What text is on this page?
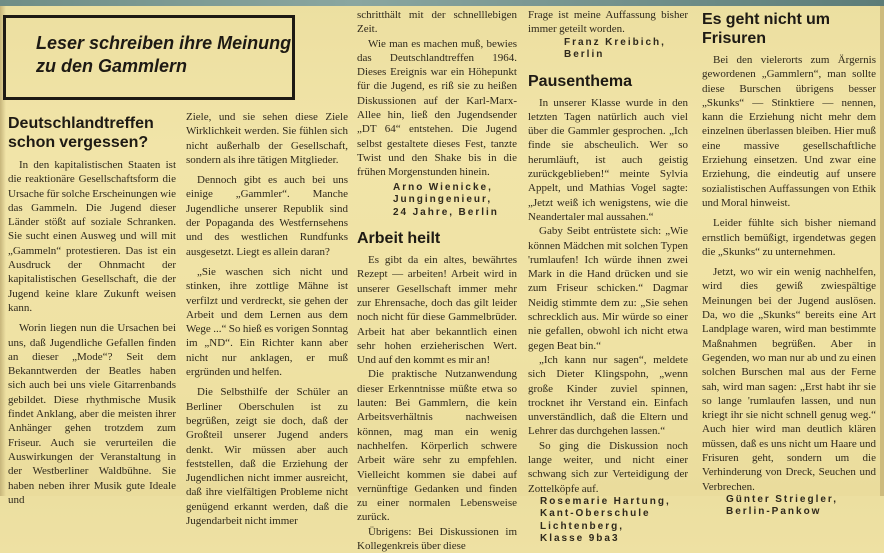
Leser schreiben ihre Meinung
zu den Gammlern
Deutschlandtreffen
schon vergessen?

In den kapitalistischen Staaten ist die reaktionäre Gesellschaftsform die Ursache für solche Erscheinungen wie das Gammeln. Die Jugend dieser Länder stößt auf soziale Schranken. Sie sucht einen Ausweg und will mit „Gammeln“ protestieren. Das ist ein Ausdruck der Ohnmacht der kapitalistischen Gesellschaft, die der Jugend keine klare Zukunft weisen kann.

Worin liegen nun die Ursachen bei uns, daß Jugendliche Gefallen finden an dieser „Mode“? Seit dem Bekanntwerden der Beatles haben sich auch bei uns viele Gitarrenbands gebildet. Diese rhythmische Musik findet Anklang, aber die meisten ihrer Anhänger gehen trotzdem zum Friseur. Auch sie verurteilen die Auswirkungen der Veranstaltung in der Westberliner Waldbühne. Sie haben neben ihrer Musik gute Ideale und

Ziele, und sie sehen diese Ziele Wirklichkeit werden. Sie fühlen sich nicht außerhalb der Gesellschaft, sondern als ihre tätigen Mitglieder.

Dennoch gibt es auch bei uns einige „Gammler“. Manche Jugendliche unserer Republik sind der Popaganda des Westfernsehens und des westlichen Rundfunks ausgesetzt. Liegt es allein daran?

„Sie waschen sich nicht und stinken, ihre zottlige Mähne ist verfilzt und verdreckt, sie gehen der Arbeit und dem Lernen aus dem Wege ...“ So hieß es vorigen Sonntag im „ND“. Ein Richter kann aber nicht nur anklagen, er muß ergründen und helfen.

Die Selbsthilfe der Schüler an Berliner Oberschulen ist zu begrüßen, zeigt sie doch, daß der Großteil unserer Jugend anders denkt. Wir müssen aber auch feststellen, daß die Erziehung der Jugendlichen nicht immer ausreicht, daß ihre vielfältigen Probleme nicht genügend erkannt werden, daß die Jugendarbeit nicht immer

schritthält mit der schnelllebigen Zeit.

Wie man es machen muß, bewies das Deutschlandtreffen 1964. Dieses Ereignis war ein Höhepunkt für die Jugend, es riß sie zu heißen Diskussionen auf der Karl-Marx-Allee hin, ließ den Jugendsender „DT 64“ entstehen. Die Jugend selbst gestaltete dieses Fest, tanzte Twist und den Shake bis in die frühen Morgenstunden hinein.

Arno Wienicke,
Jungingenieur,
24 Jahre, Berlin
Arbeit heilt

Es gibt da ein altes, bewährtes Rezept — arbeiten! Arbeit wird in unserer Gesellschaft immer mehr zur Ehrensache, doch das gilt leider noch nicht für diese Gammelbrüder. Arbeit hat aber bekanntlich einen sehr hohen erzieherischen Wert. Und auf den kommt es mir an!

Die praktische Nutzanwendung dieser Erkenntnisse müßte etwa so lauten: Bei Gammlern, die kein Arbeitsverhältnis nachweisen können, mag man ein wenig nachhelfen. Körperlich schwere Arbeit wäre sehr zu empfehlen. Vielleicht kommen sie dabei auf vernünftige Gedanken und finden zu einer normalen Lebensweise zurück.

Übrigens: Bei Diskussionen im Kollegenkreis über diese

Frage ist meine Auffassung bisher immer geteilt worden.

Franz Kreibich,
Berlin
Pausenthema

In unserer Klasse wurde in den letzten Tagen natürlich auch viel über die Gammler gesprochen. „Ich finde sie abscheulich. Wer so herumläuft, ist auch geistig zurückgeblieben!“ meinte Sylvia Appelt, und Mathias Vogel sagte: „Jetzt weiß ich wenigstens, wie die Neandertaler mal aussahen.“

Gaby Seibt entrüstete sich: „Wie können Mädchen mit solchen Typen 'rumlaufen! Ich würde ihnen zwei Mark in die Hand drücken und sie zum Friseur schicken.“ Dagmar Neidig stimmte dem zu: „Sie sehen schrecklich aus. Mir würde so einer nie gefallen, obwohl ich nicht etwa gegen Beat bin.“

„Ich kann nur sagen“, meldete sich Dieter Klingspohn, „wenn große Kinder zuviel spinnen, trocknet ihr Verstand ein. Einfach unverständlich, daß die Eltern und Lehrer das durchgehen lassen.“

So ging die Diskussion noch lange weiter, und nicht einer schwang sich zur Verteidigung der Zottelköpfe auf.

Rosemarie Hartung,
Kant-Oberschule
Lichtenberg,
Klasse 9ba3
Es geht nicht um
Frisuren

Bei den vielerorts zum Ärgernis gewordenen „Gammlern“, man sollte diese Burschen übrigens besser „Skunks“ — Stinktiere — nennen, kann die Erziehung nicht mehr dem einzelnen überlassen bleiben. Hier muß eine massive gesellschaftliche Erziehung einsetzen. Und zwar eine Erziehung, die eindeutig auf unsere sozialistischen Auffassungen von Ethik und Moral hinweist.

Leider fühlte sich bisher niemand ernstlich bemüßigt, irgendetwas gegen die „Skunks“ zu unternehmen.

Jetzt, wo wir ein wenig nachhelfen, wird dies gewiß zwiespältige Meinungen bei der Jugend auslösen. Da, wo die „Skunks“ bereits eine Art Landplage waren, wird man bestimmte Maßnahmen begrüßen. Aber in Gegenden, wo man nur ab und zu einen solchen Burschen mal aus der Ferne sah, wird man sagen: „Erst habt ihr sie so lange 'rumlaufen lassen, und nun kriegt ihr sie nicht schnell genug weg.“ Auch hier wird man deutlich klären müssen, daß es uns nicht um Haare und Frisuren geht, sondern um die Verhinderung von Dreck, Seuchen und Verbrechen.

Günter Striegler,
Berlin-Pankow
